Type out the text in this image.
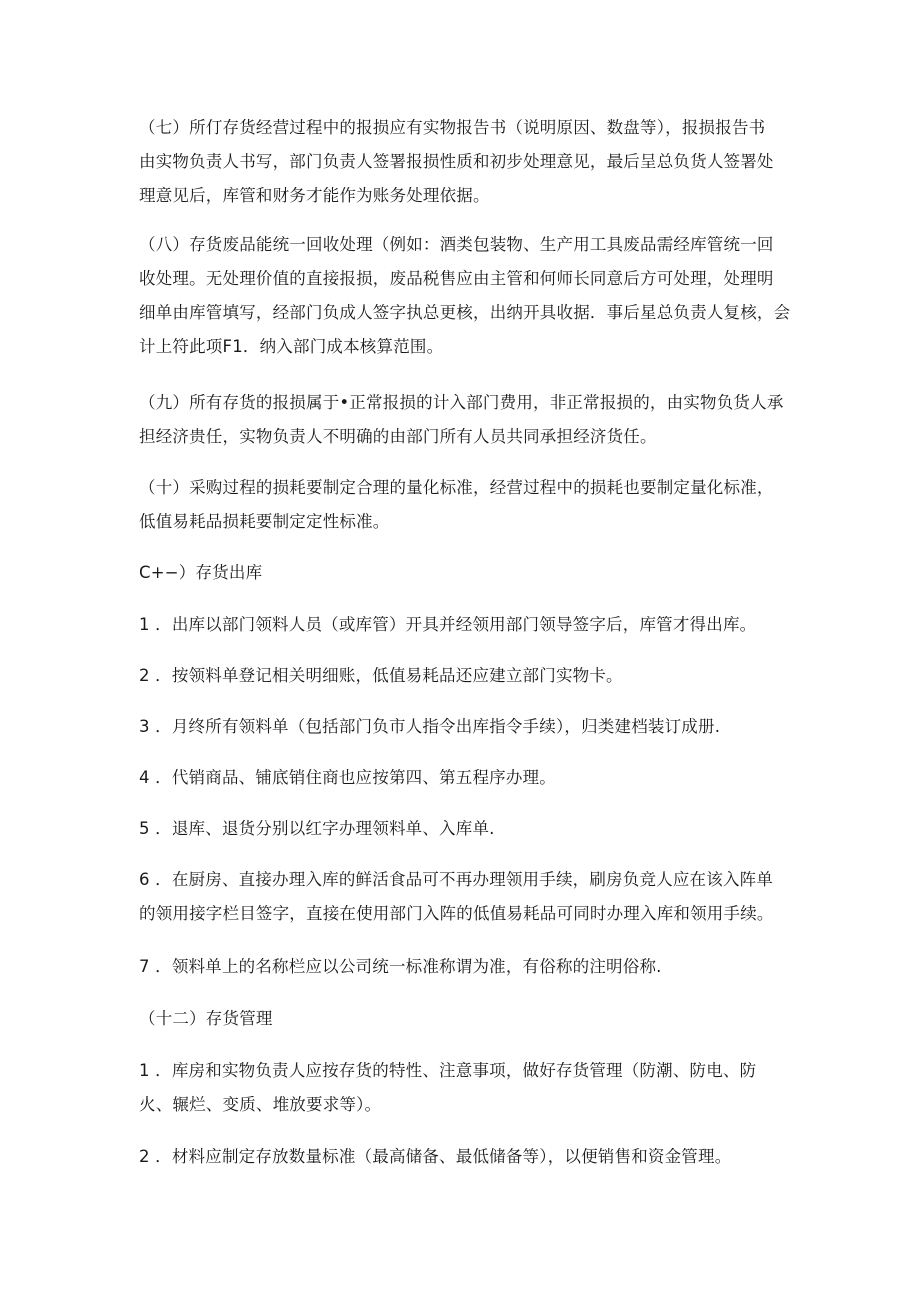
（七）所仃存货经营过程中的报损应有实物报告书（说明原因、数盘等），报损报告书
由实物负责人书写，部门负责人签署报损性质和初步处理意见，最后呈总负货人签署处
理意见后，库管和财务才能作为账务处理依据。
（八）存货废品能统一回收处理（例如：酒类包装物、生产用工具废品需经库管统一回
收处理。无处理价值的直接报损，废品税售应由主管和何师长同意后方可处理，处理明
细单由库管填写，经部门负成人签字执总更核，出纳开具收据．事后星总负责人复核，会
计上符此项F1．纳入部门成本核算范围。
（九）所有存货的报损属于•正常报损的计入部门费用，非正常报损的，由实物负货人承
担经济贵任，实物负责人不明确的由部门所有人员共同承担经济货任。
（十）采购过程的损耗要制定合理的量化标准，经营过程中的损耗也要制定量化标准，
低值易耗品损耗要制定定性标准。
C+−）存货出库
1 ．出库以部门领料人员（或库管）开具并经领用部门领导签字后，库管才得出库。
2 ．按领料单登记相关明细账，低值易耗品还应建立部门实物卡。
3 ．月终所有领料单（包括部门负市人指令出库指令手续），归类建档装订成册.
4 ．代销商品、铺底销住商也应按第四、第五程序办理。
5 ．退库、退货分别以红字办理领料单、入库单.
6 ．在厨房、直接办理入库的鲜活食品可不再办理领用手续，刷房负竞人应在该入阵单
的领用接字栏目签字，直接在使用部门入阵的低值易耗品可同时办理入库和领用手续。
7 ．领料单上的名称栏应以公司统一标准称谓为准，有俗称的注明俗称.
（十二）存货管理
1 ．库房和实物负责人应按存货的特性、注意事项，做好存货管理（防潮、防电、防
火、辗烂、变质、堆放要求等）。
2 ．材料应制定存放数量标准（最高储备、最低储备等），以便销售和资金管理。
